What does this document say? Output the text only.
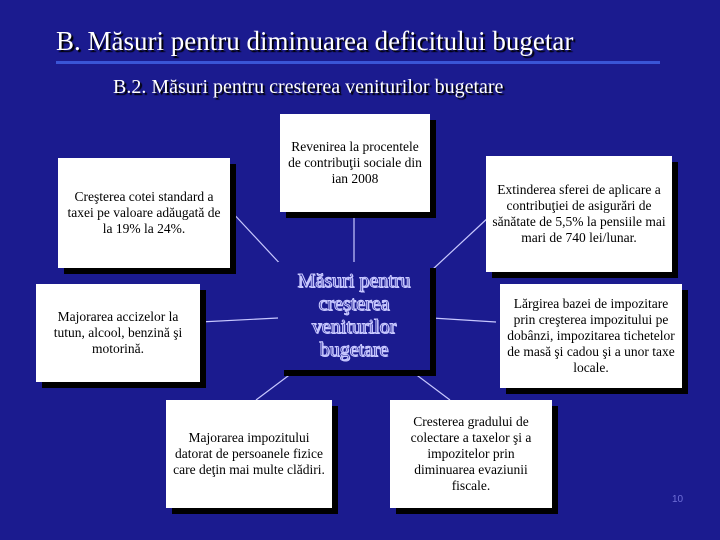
B. Măsuri pentru diminuarea deficitului bugetar
B.2. Măsuri pentru cresterea veniturilor bugetare
Creşterea cotei standard a taxei pe valoare adăugată de la 19% la 24%.
Revenirea la procentele de contribuţii sociale din ian 2008
Extinderea sferei de aplicare a contribuţiei de asigurări de sănătate de 5,5% la pensiile mai mari de 740 lei/lunar.
Majorarea accizelor la tutun, alcool, benzină şi motorină.
Lărgirea bazei de impozitare prin creşterea impozitului pe dobânzi, impozitarea tichetelor de masă şi cadou şi a unor taxe locale.
Majorarea impozitului datorat de persoanele fizice care deţin mai multe clădiri.
Cresterea gradului de colectare a taxelor şi a impozitelor prin diminuarea evaziunii fiscale.
Măsuri pentru creşterea veniturilor bugetare
10
